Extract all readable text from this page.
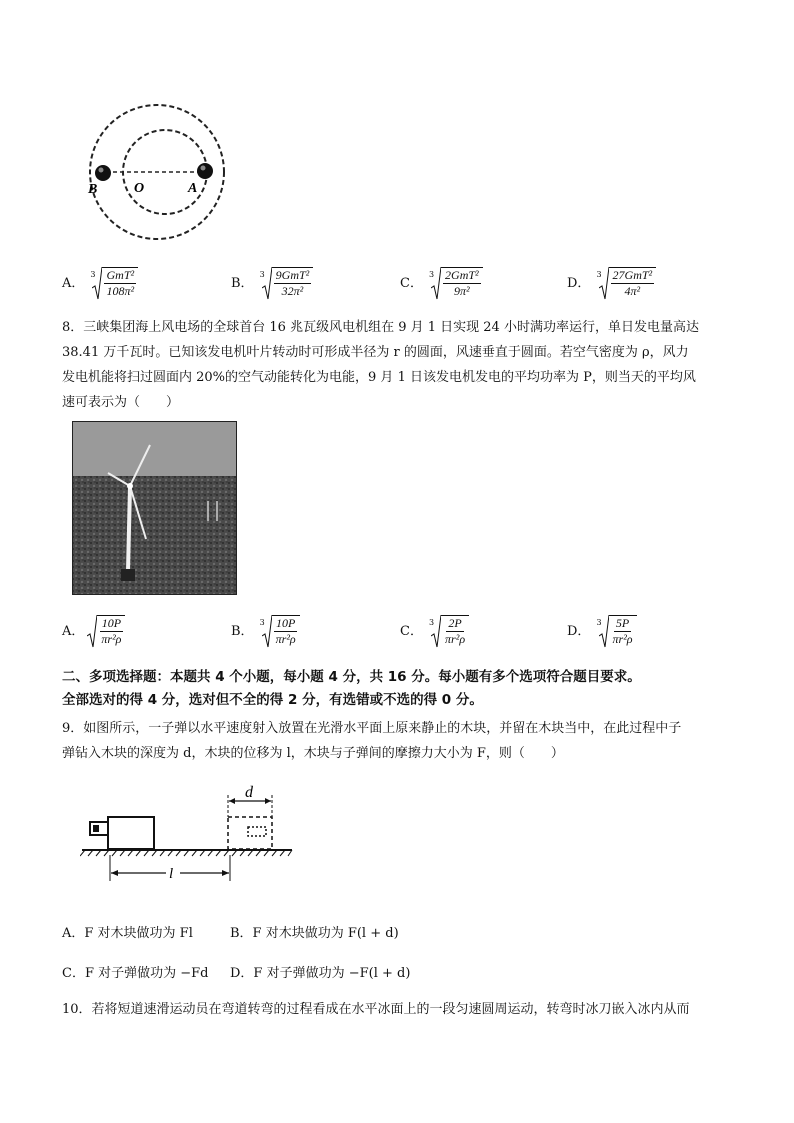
B	O	A
A．
$3 \frac{\text{GmT²}}{\text{108π²}}$	B．
$3 \frac{\text{9GmT²}}{\text{32π²}}$	C．
$3 \frac{\text{2GmT²}}{\text{9π²}}$	D．
$3 \frac{\text{27GmT²}}{\text{4π²}}$
8．三峡集团海上风电场的全球首台 16 兆瓦级风电机组在 9 月 1 日实现 24 小时满功率运行，单日发电量高达
38.41 万千瓦时。已知该发电机叶片转动时可形成半径为 r 的圆面，风速垂直于圆面。若空气密度为 ρ，风力
发电机能将扫过圆面内 20%的空气动能转化为电能，9 月 1 日该发电机发电的平均功率为 P，则当天的平均风
速可表示为（　　）
A． $\frac{10P}{\text{πr²ρ}}$	B．
$3 \frac{10P}{\text{πr²ρ}}$	C．
$3 \frac{2P}{\text{πr²ρ}}$	D．
$3 \frac{5P}{\text{πr²ρ}}$
二、多项选择题：本题共 4 个小题，每小题 4 分，共 16 分。每小题有多个选项符合题目要求。
全部选对的得 4 分，选对但不全的得 2 分，有选错或不选的得 0 分。
9．如图所示，一子弹以水平速度射入放置在光滑水平面上原来静止的木块，并留在木块当中，在此过程中子
弹钻入木块的深度为 d，木块的位移为 l，木块与子弹间的摩擦力大小为 F，则（　　）
d
l
A．F 对木块做功为 Fl	B．F 对木块做功为 F(l + d)
C．F 对子弹做功为 −Fd D．F 对子弹做功为 −F(l + d)
10．若将短道速滑运动员在弯道转弯的过程看成在水平冰面上的一段匀速圆周运动，转弯时冰刀嵌入冰内从而
